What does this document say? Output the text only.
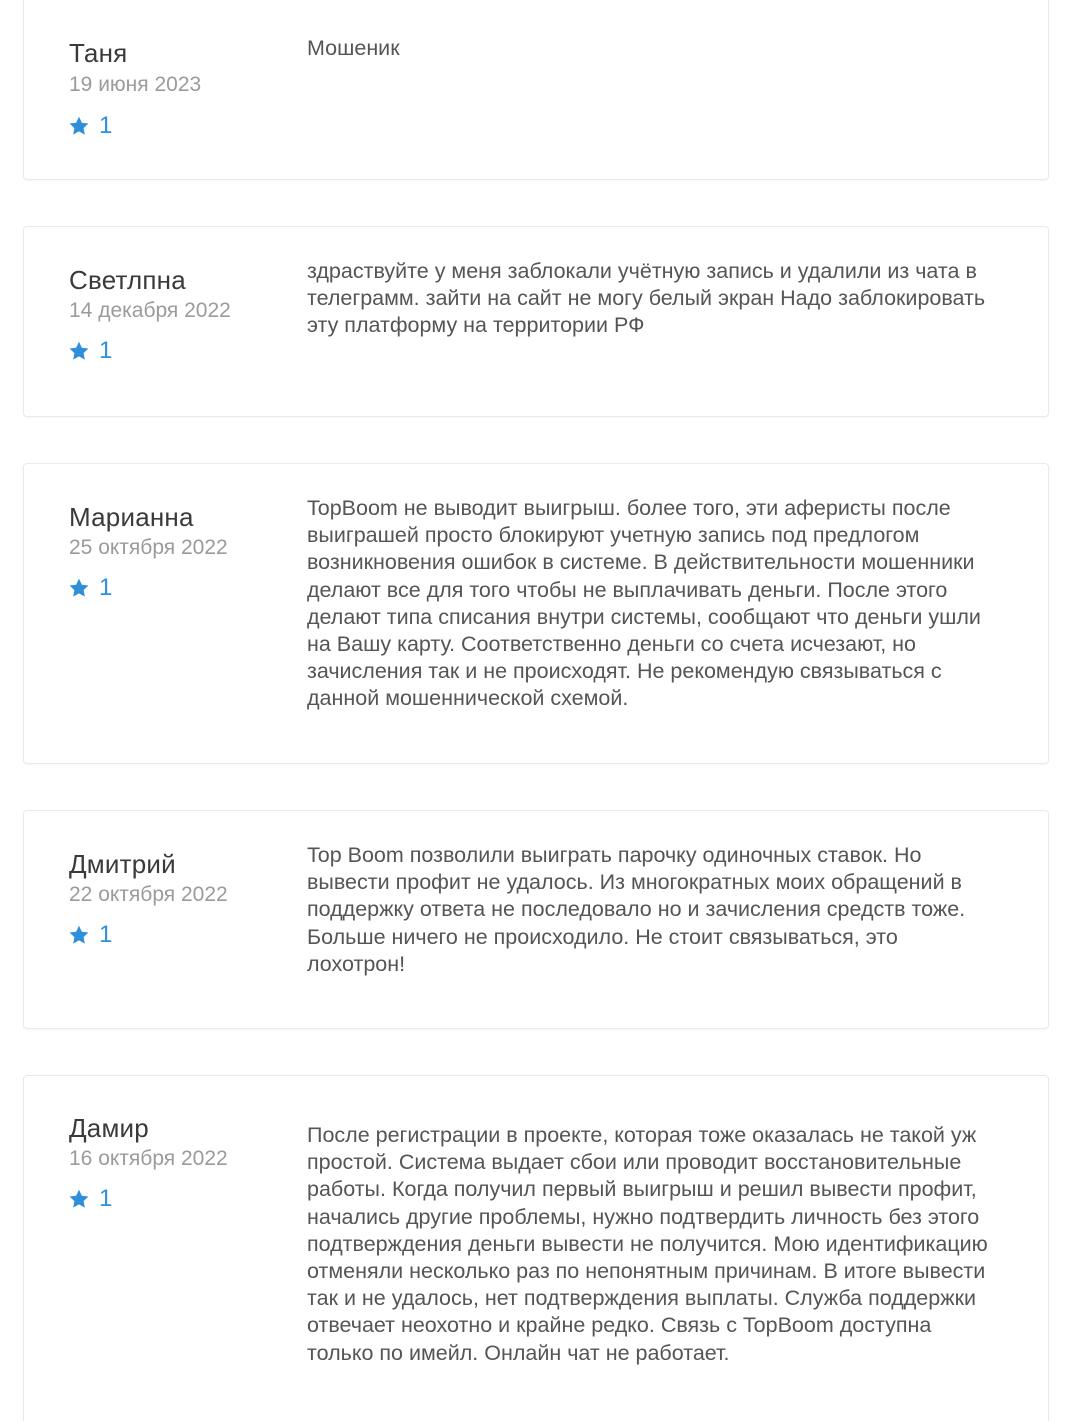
Таня
19 июня 2023
1

Мошеник

Светлпна
14 декабря 2022
1

здраствуйте у меня заблокали учётную запись и удалили из чата в телеграмм. зайти на сайт не могу белый экран Надо заблокировать эту платформу на территории РФ

Марианна
25 октября 2022
1

TopBoom не выводит выигрыш. более того, эти аферисты после выиграшей просто блокируют учетную запись под предлогом возникновения ошибок в системе. В действительности мошенники делают все для того чтобы не выплачивать деньги. После этого делают типа списания внутри системы, сообщают что деньги ушли на Вашу карту. Соответственно деньги со счета исчезают, но зачисления так и не происходят. Не рекомендую связываться с данной мошеннической схемой.

Дмитрий
22 октября 2022
1

Top Boom позволили выиграть парочку одиночных ставок. Но вывести профит не удалось. Из многократных моих обращений в поддержку ответа не последовало но и зачисления средств тоже. Больше ничего не происходило. Не стоит связываться, это лохотрон!

Дамир
16 октября 2022
1

После регистрации в проекте, которая тоже оказалась не такой уж простой. Система выдает сбои или проводит восстановительные работы. Когда получил первый выигрыш и решил вывести профит, начались другие проблемы, нужно подтвердить личность без этого подтверждения деньги вывести не получится. Мою идентификацию отменяли несколько раз по непонятным причинам. В итоге вывести так и не удалось, нет подтверждения выплаты. Служба поддержки отвечает неохотно и крайне редко. Связь с TopBoom доступна только по имейл. Онлайн чат не работает.
